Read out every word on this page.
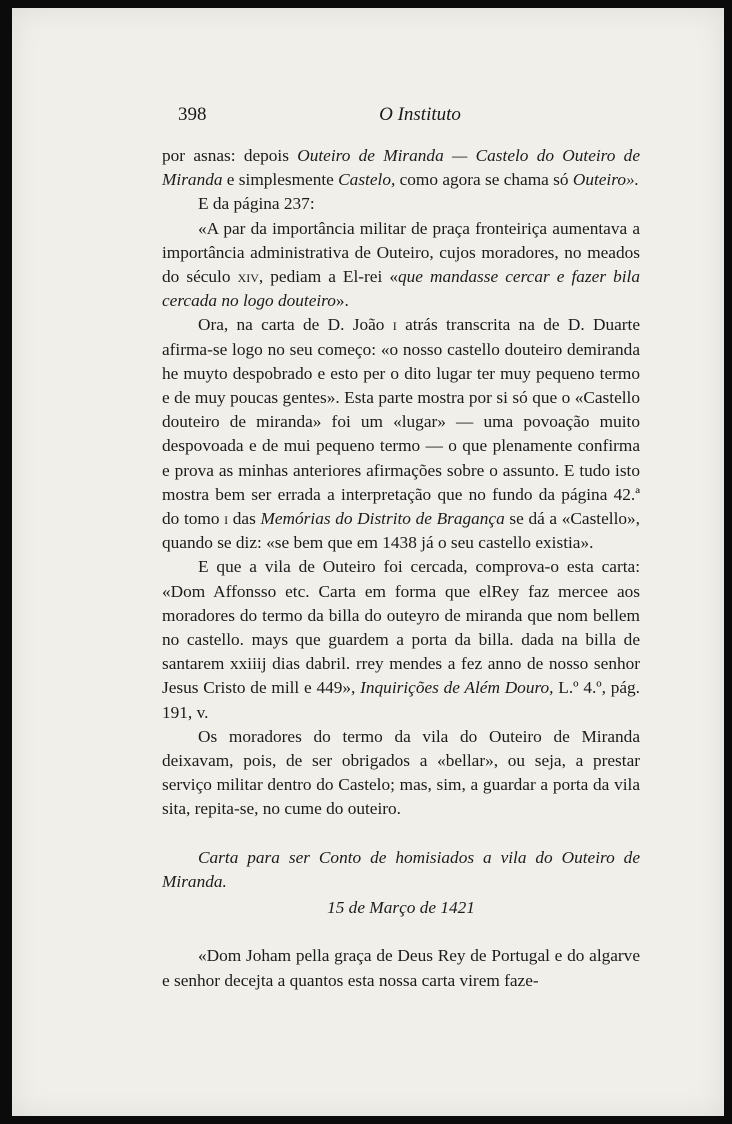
398	O Instituto

por asnas: depois Outeiro de Miranda — Castelo do Outeiro de Miranda e simplesmente Castelo, como agora se chama só Outeiro».

E da página 237:

«A par da importância militar de praça fronteiriça aumentava a importância administrativa de Outeiro, cujos moradores, no meados do século xiv, pediam a El-rei «que mandasse cercar e fazer bila cercada no logo douteiro».

Ora, na carta de D. João i atrás transcrita na de D. Duarte afirma-se logo no seu começo: «o nosso castello douteiro demiranda he muyto despobrado e esto per o dito lugar ter muy pequeno termo e de muy poucas gentes». Esta parte mostra por si só que o «Castello douteiro de miranda» foi um «lugar» — uma povoação muito despovoada e de mui pequeno termo — o que plenamente confirma e prova as minhas anteriores afirmações sobre o assunto. E tudo isto mostra bem ser errada a interpretação que no fundo da página 42.ª do tomo i das Memórias do Distrito de Bragança se dá a «Castello», quando se diz: «se bem que em 1438 já o seu castello existia».

E que a vila de Outeiro foi cercada, comprova-o esta carta: «Dom Affonsso etc. Carta em forma que elRey faz mercee aos moradores do termo da billa do outeyro de miranda que nom bellem no castello. mays que guardem a porta da billa. dada na billa de santarem xxiiij dias dabril. rrey mendes a fez anno de nosso senhor Jesus Cristo de mill e 449», Inquirições de Além Douro, L.º 4.º, pág. 191, v.

Os moradores do termo da vila do Outeiro de Miranda deixavam, pois, de ser obrigados a «bellar», ou seja, a prestar serviço militar dentro do Castelo; mas, sim, a guardar a porta da vila sita, repita-se, no cume do outeiro.

Carta para ser Conto de homisiados a vila do Outeiro de Miranda.

15 de Março de 1421

«Dom Joham pella graça de Deus Rey de Portugal e do algarve e senhor decejta a quantos esta nossa carta virem faze-
